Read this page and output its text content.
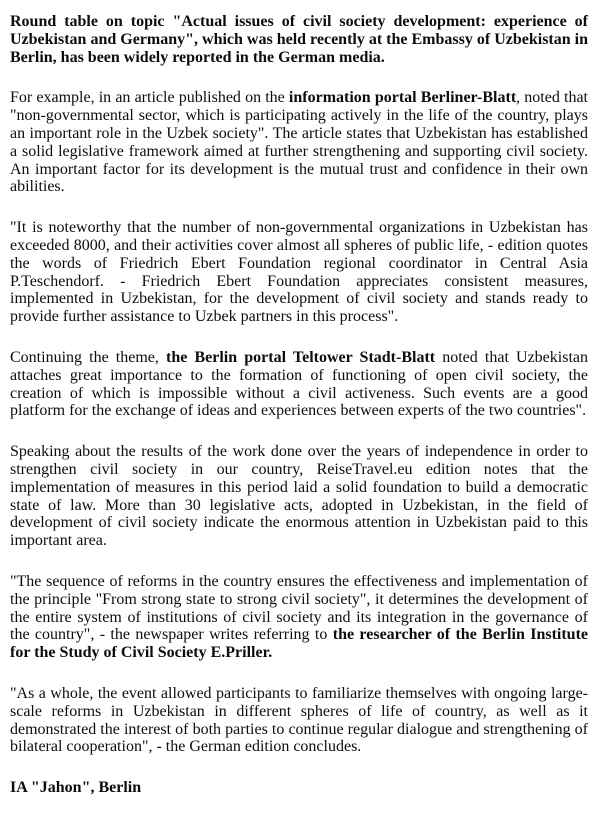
Round table on topic "Actual issues of civil society development: experience of Uzbekistan and Germany", which was held recently at the Embassy of Uzbekistan in Berlin, has been widely reported in the German media.

For example, in an article published on the information portal Berliner-Blatt, noted that "non-governmental sector, which is participating actively in the life of the country, plays an important role in the Uzbek society". The article states that Uzbekistan has established a solid legislative framework aimed at further strengthening and supporting civil society. An important factor for its development is the mutual trust and confidence in their own abilities.

"It is noteworthy that the number of non-governmental organizations in Uzbekistan has exceeded 8000, and their activities cover almost all spheres of public life, - edition quotes the words of Friedrich Ebert Foundation regional coordinator in Central Asia P.Teschendorf. - Friedrich Ebert Foundation appreciates consistent measures, implemented in Uzbekistan, for the development of civil society and stands ready to provide further assistance to Uzbek partners in this process".

Continuing the theme, the Berlin portal Teltower Stadt-Blatt noted that Uzbekistan attaches great importance to the formation of functioning of open civil society, the creation of which is impossible without a civil activeness. Such events are a good platform for the exchange of ideas and experiences between experts of the two countries".

Speaking about the results of the work done over the years of independence in order to strengthen civil society in our country, ReiseTravel.eu edition notes that the implementation of measures in this period laid a solid foundation to build a democratic state of law. More than 30 legislative acts, adopted in Uzbekistan, in the field of development of civil society indicate the enormous attention in Uzbekistan paid to this important area.

"The sequence of reforms in the country ensures the effectiveness and implementation of the principle "From strong state to strong civil society", it determines the development of the entire system of institutions of civil society and its integration in the governance of the country", - the newspaper writes referring to the researcher of the Berlin Institute for the Study of Civil Society E.Priller.

"As a whole, the event allowed participants to familiarize themselves with ongoing large-scale reforms in Uzbekistan in different spheres of life of country, as well as it demonstrated the interest of both parties to continue regular dialogue and strengthening of bilateral cooperation", - the German edition concludes.

IA "Jahon", Berlin
